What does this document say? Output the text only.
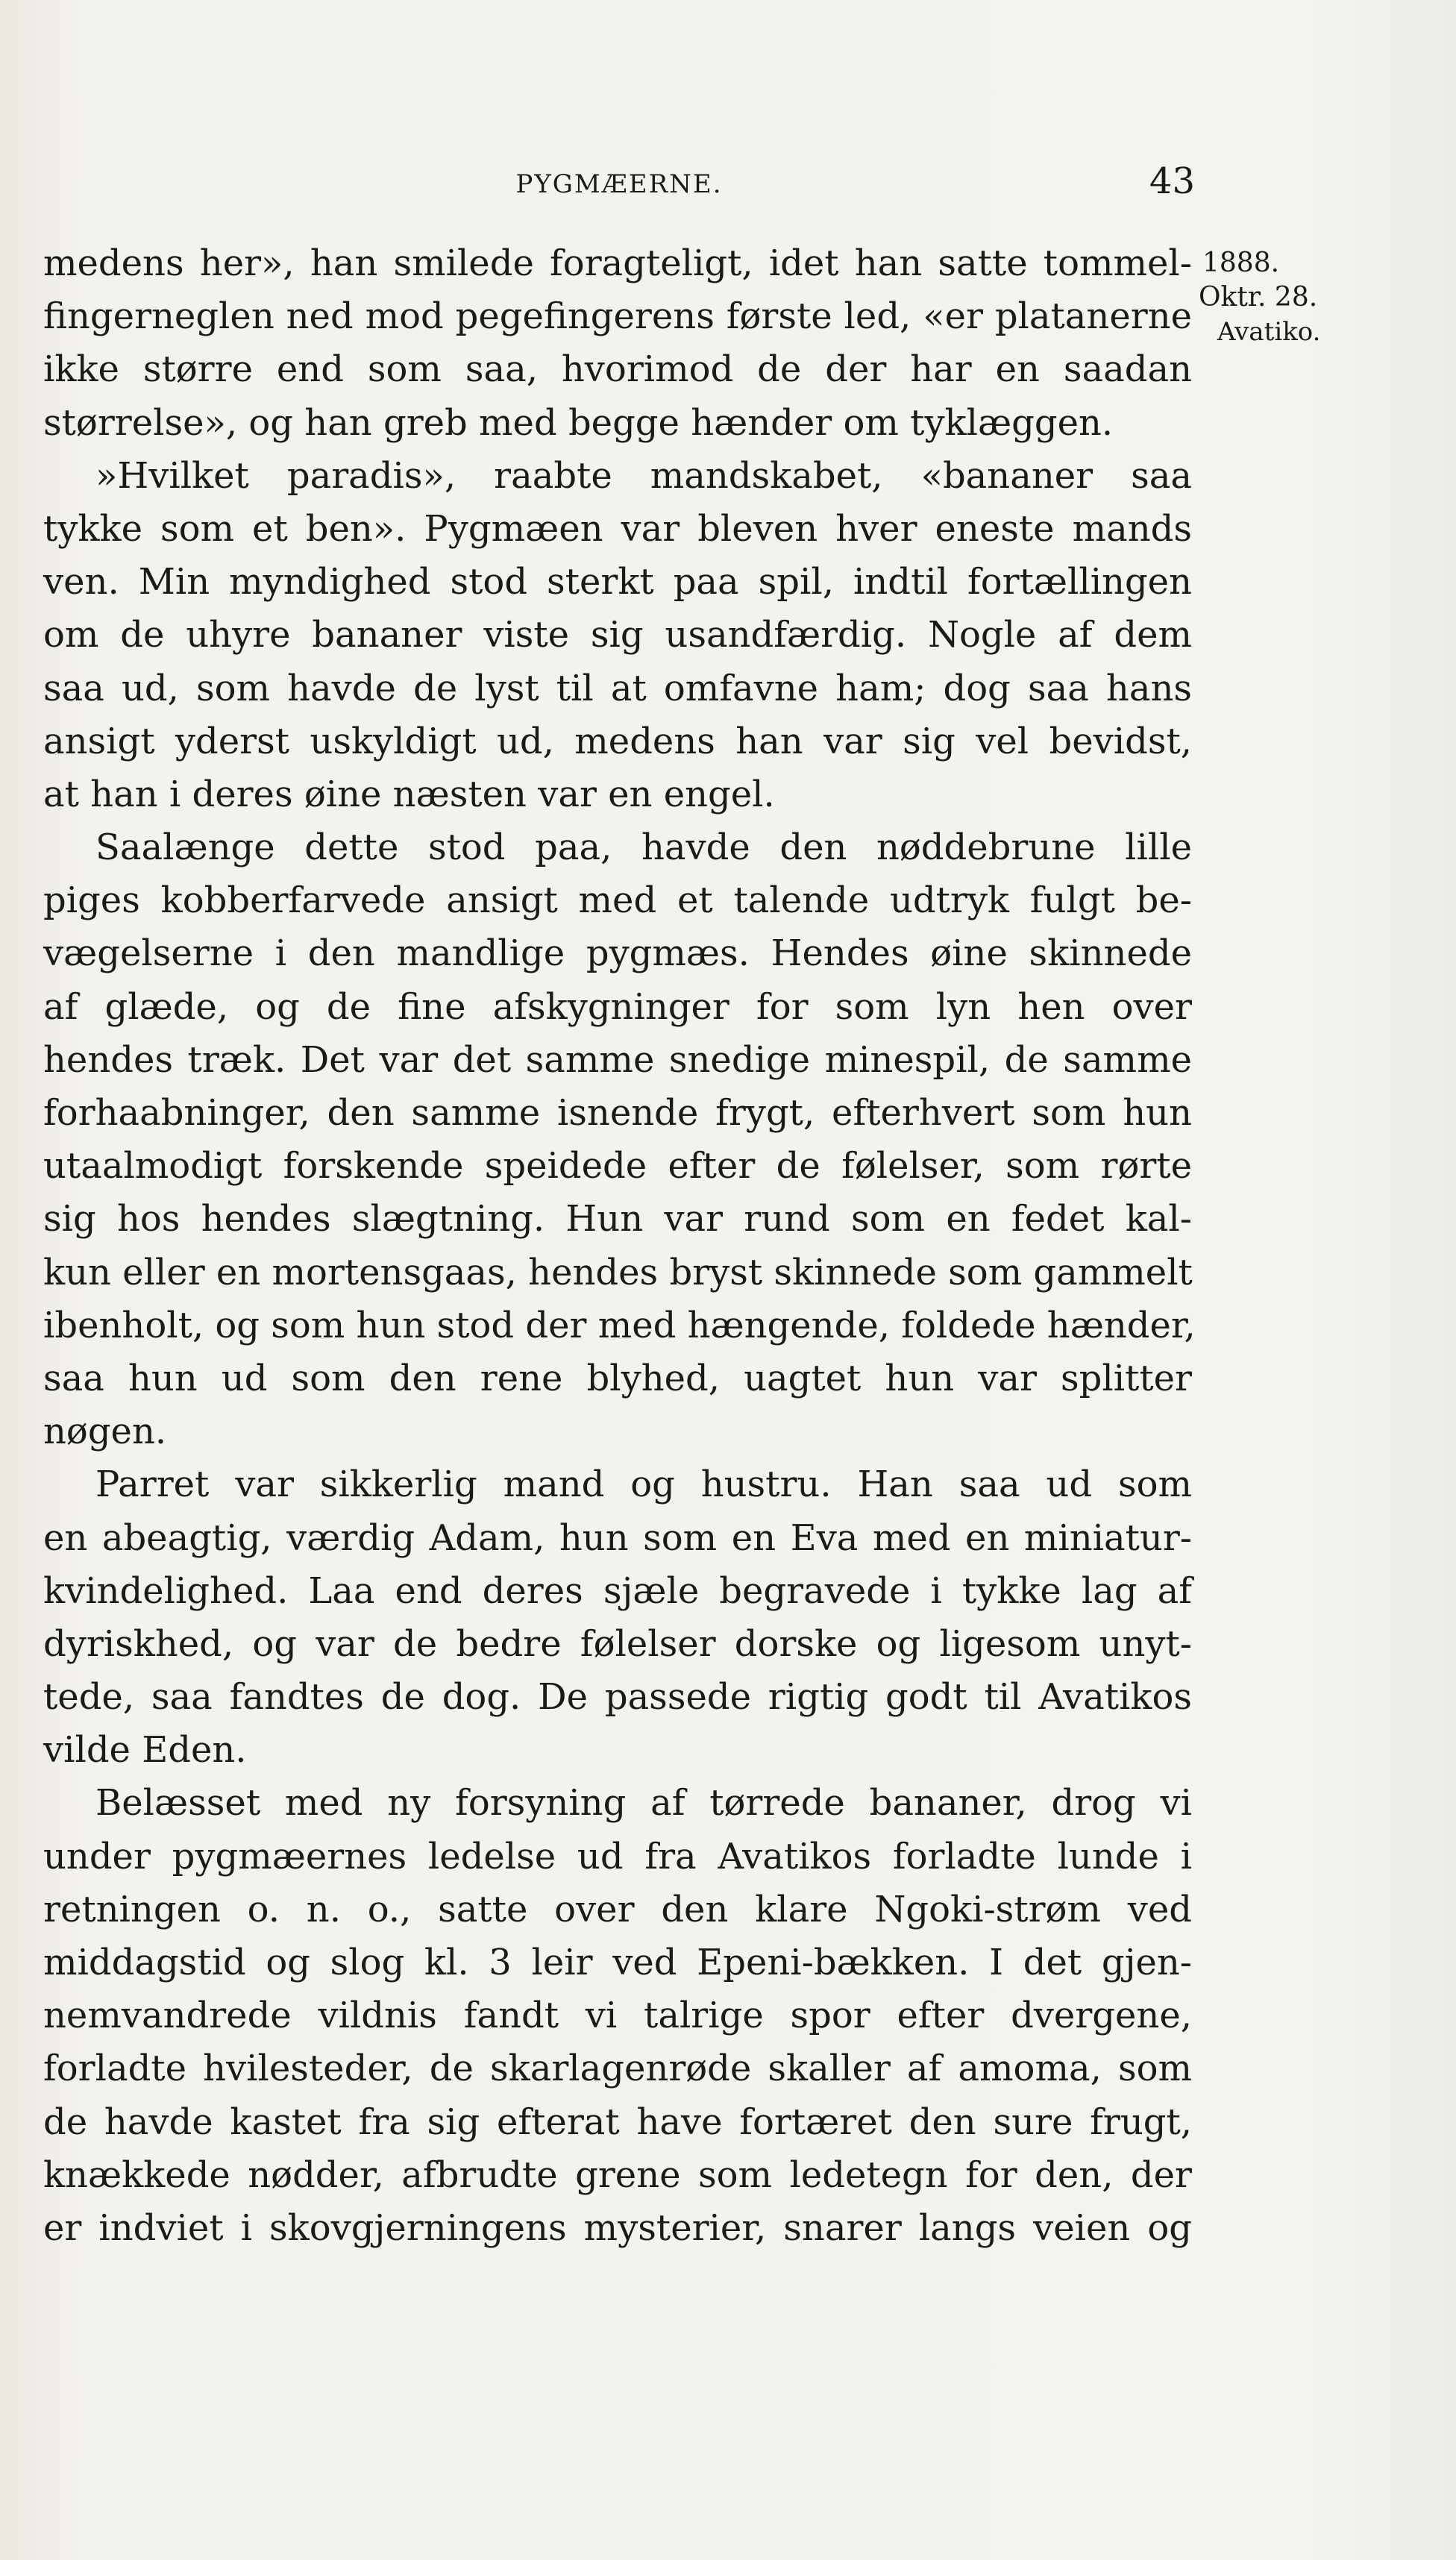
PYGMÆERNE.	43
1888.
Oktr. 28.
Avatiko.
medens her», han smilede foragteligt, idet han satte tommel-
fingerneglen ned mod pegefingerens første led, «er platanerne
ikke større end som saa, hvorimod de der har en saadan
størrelse», og han greb med begge hænder om tyklæggen.
»Hvilket paradis», raabte mandskabet, «bananer saa
tykke som et ben». Pygmæen var bleven hver eneste mands
ven. Min myndighed stod sterkt paa spil, indtil fortællingen
om de uhyre bananer viste sig usandfærdig. Nogle af dem
saa ud, som havde de lyst til at omfavne ham; dog saa hans
ansigt yderst uskyldigt ud, medens han var sig vel bevidst,
at han i deres øine næsten var en engel.
Saalænge dette stod paa, havde den nøddebrune lille
piges kobberfarvede ansigt med et talende udtryk fulgt be-
vægelserne i den mandlige pygmæs. Hendes øine skinnede
af glæde, og de fine afskygninger for som lyn hen over
hendes træk. Det var det samme snedige minespil, de samme
forhaabninger, den samme isnende frygt, efterhvert som hun
utaalmodigt forskende speidede efter de følelser, som rørte
sig hos hendes slægtning. Hun var rund som en fedet kal-
kun eller en mortensgaas, hendes bryst skinnede som gammelt
ibenholt, og som hun stod der med hængende, foldede hænder,
saa hun ud som den rene blyhed, uagtet hun var splitter
nøgen.
Parret var sikkerlig mand og hustru. Han saa ud som
en abeagtig, værdig Adam, hun som en Eva med en miniatur-
kvindelighed. Laa end deres sjæle begravede i tykke lag af
dyriskhed, og var de bedre følelser dorske og ligesom unyt-
tede, saa fandtes de dog. De passede rigtig godt til Avatikos
vilde Eden.
Belæsset med ny forsyning af tørrede bananer, drog vi
under pygmæernes ledelse ud fra Avatikos forladte lunde i
retningen o. n. o., satte over den klare Ngoki-strøm ved
middagstid og slog kl. 3 leir ved Epeni-bækken. I det gjen-
nemvandrede vildnis fandt vi talrige spor efter dvergene,
forladte hvilesteder, de skarlagenrøde skaller af amoma, som
de havde kastet fra sig efterat have fortæret den sure frugt,
knækkede nødder, afbrudte grene som ledetegn for den, der
er indviet i skovgjerningens mysterier, snarer langs veien og
